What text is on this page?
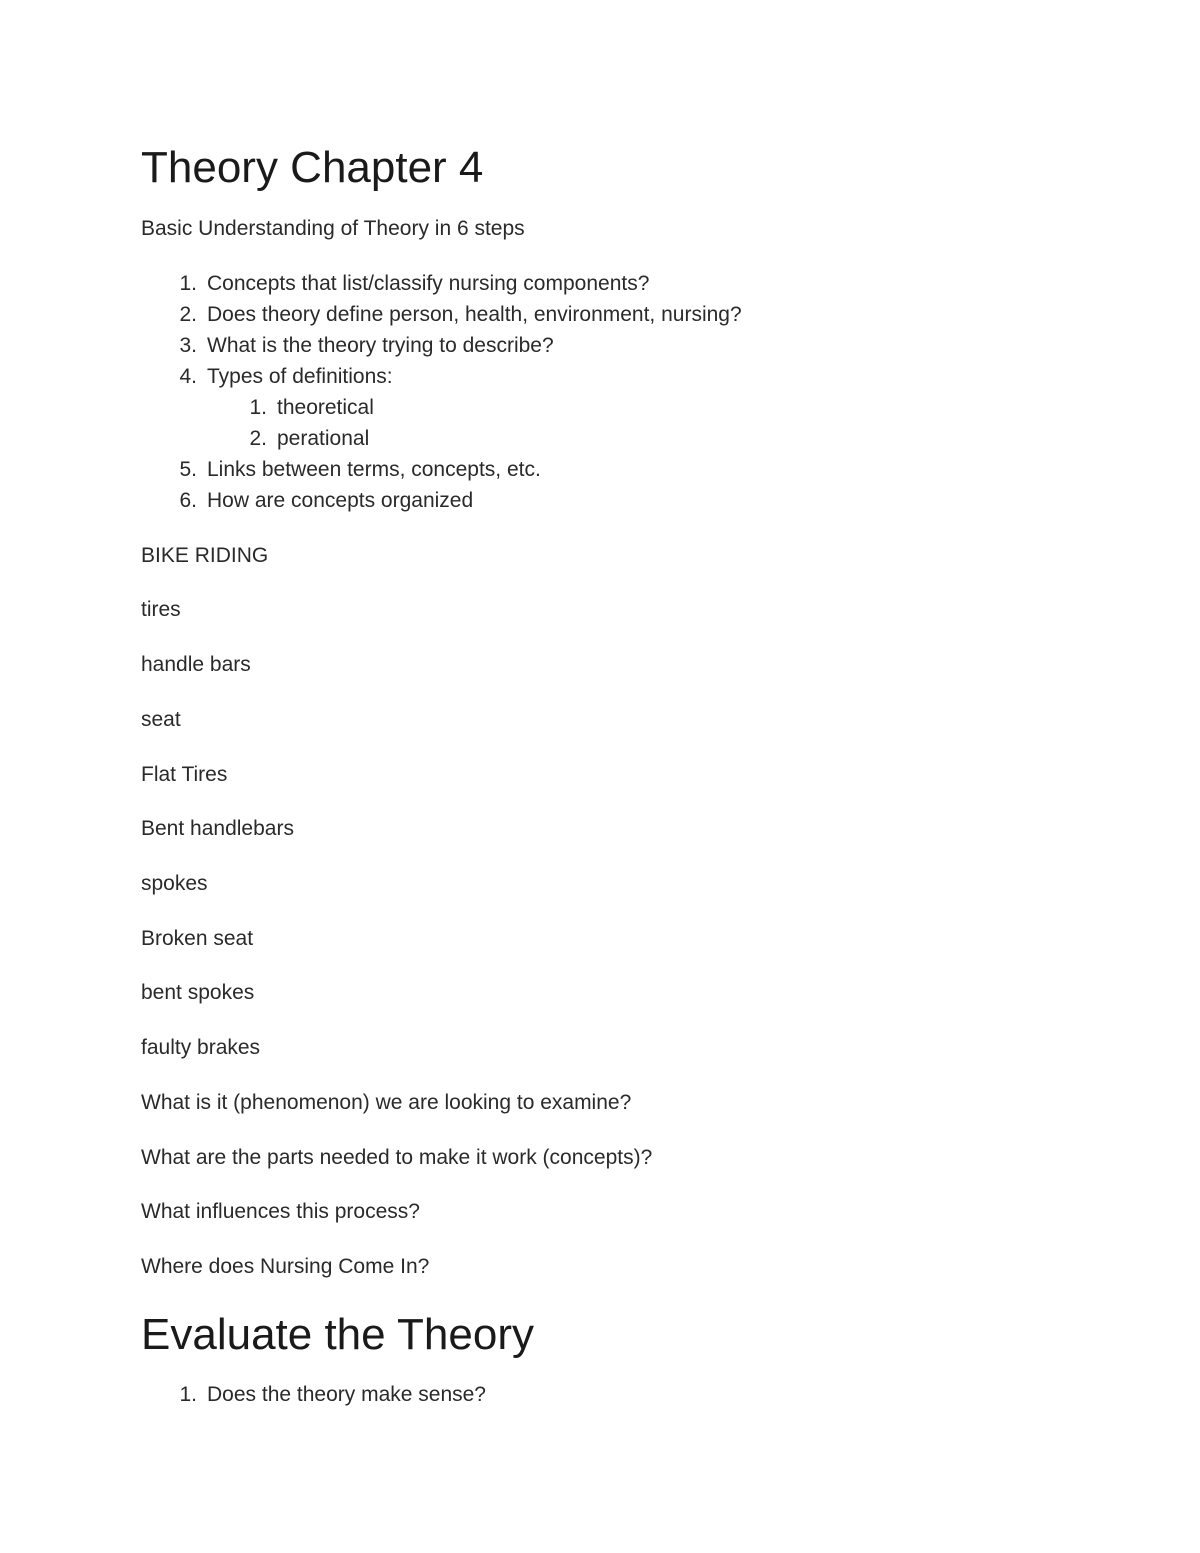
Theory Chapter 4

Basic Understanding of Theory in 6 steps

1. Concepts that list/classify nursing components?
2. Does theory define person, health, environment, nursing?
3. What is the theory trying to describe?
4. Types of definitions:
1. theoretical
2. perational
5. Links between terms, concepts, etc.
6. How are concepts organized

BIKE RIDING

tires

handle bars

seat

Flat Tires

Bent handlebars

spokes

Broken seat

bent spokes

faulty brakes

What is it (phenomenon) we are looking to examine?

What are the parts needed to make it work (concepts)?

What influences this process?

Where does Nursing Come In?

Evaluate the Theory
1. Does the theory make sense?
